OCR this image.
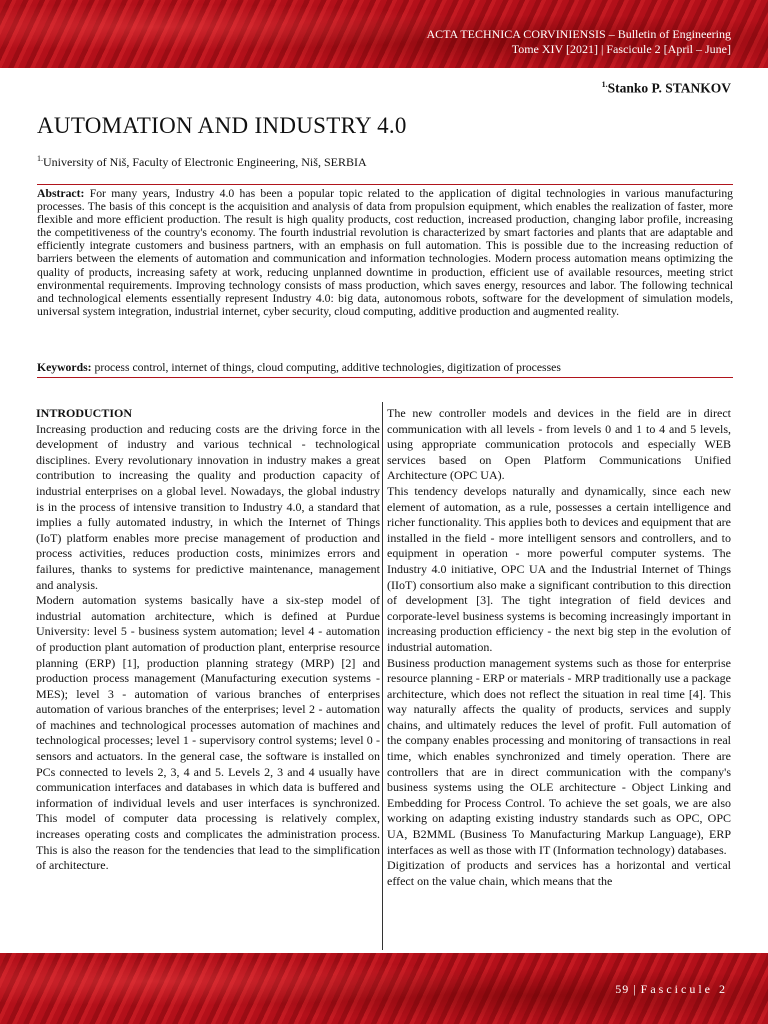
ACTA TECHNICA CORVINIENSIS – Bulletin of Engineering
Tome XIV [2021] | Fascicule 2 [April – June]
$^{1.}$Stanko P. STANKOV
AUTOMATION AND INDUSTRY 4.0
$^{1.}$University of Niš, Faculty of Electronic Engineering, Niš, SERBIA

Abstract: For many years, Industry 4.0 has been a popular topic related to the application of digital technologies in various manufacturing processes. The basis of this concept is the acquisition and analysis of data from propulsion equipment, which enables the realization of faster, more flexible and more efficient production. The result is high quality products, cost reduction, increased production, changing labor profile, increasing the competitiveness of the country's economy. The fourth industrial revolution is characterized by smart factories and plants that are adaptable and efficiently integrate customers and business partners, with an emphasis on full automation. This is possible due to the increasing reduction of barriers between the elements of automation and communication and information technologies. Modern process automation means optimizing the quality of products, increasing safety at work, reducing unplanned downtime in production, efficient use of available resources, meeting strict environmental requirements. Improving technology consists of mass production, which saves energy, resources and labor. The following technical and technological elements essentially represent Industry 4.0: big data, autonomous robots, software for the development of simulation models, universal system integration, industrial internet, cyber security, cloud computing, additive production and augmented reality.

Keywords: process control, internet of things, cloud computing, additive technologies, digitization of processes
INTRODUCTION

Increasing production and reducing costs are the driving force in the development of industry and various technical - technological disciplines. Every revolutionary innovation in industry makes a great contribution to increasing the quality and production capacity of industrial enterprises on a global level. Nowadays, the global industry is in the process of intensive transition to Industry 4.0, a standard that implies a fully automated industry, in which the Internet of Things (IoT) platform enables more precise management of production and process activities, reduces production costs, minimizes errors and failures, thanks to systems for predictive maintenance, management and analysis.

Modern automation systems basically have a six-step model of industrial automation architecture, which is defined at Purdue University: level 5 - business system automation; level 4 - automation of production plant automation of production plant, enterprise resource planning (ERP) [1], production planning strategy (MRP) [2] and production process management (Manufacturing execution systems - MES); level 3 - automation of various branches of enterprises automation of various branches of the enterprises; level 2 - automation of machines and technological processes automation of machines and technological processes; level 1 - supervisory control systems; level 0 - sensors and actuators. In the general case, the software is installed on PCs connected to levels 2, 3, 4 and 5. Levels 2, 3 and 4 usually have communication interfaces and databases in which data is buffered and information of individual levels and user interfaces is synchronized. This model of computer data processing is relatively complex, increases operating costs and complicates the administration process. This is also the reason for the tendencies that lead to the simplification of architecture.

The new controller models and devices in the field are in direct communication with all levels - from levels 0 and 1 to 4 and 5 levels, using appropriate communication protocols and especially WEB services based on Open Platform Communications Unified Architecture (OPC UA).

This tendency develops naturally and dynamically, since each new element of automation, as a rule, possesses a certain intelligence and richer functionality. This applies both to devices and equipment that are installed in the field - more intelligent sensors and controllers, and to equipment in operation - more powerful computer systems. The Industry 4.0 initiative, OPC UA and the Industrial Internet of Things (IIoT) consortium also make a significant contribution to this direction of development [3]. The tight integration of field devices and corporate-level business systems is becoming increasingly important in increasing production efficiency - the next big step in the evolution of industrial automation.

Business production management systems such as those for enterprise resource planning - ERP or materials - MRP traditionally use a package architecture, which does not reflect the situation in real time [4]. This way naturally affects the quality of products, services and supply chains, and ultimately reduces the level of profit. Full automation of the company enables processing and monitoring of transactions in real time, which enables synchronized and timely operation. There are controllers that are in direct communication with the company's business systems using the OLE architecture - Object Linking and Embedding for Process Control. To achieve the set goals, we are also working on adapting existing industry standards such as OPC, OPC UA, B2MML (Business To Manufacturing Markup Language), ERP interfaces as well as those with IT (Information technology) databases.

Digitization of products and services has a horizontal and vertical effect on the value chain, which means that the

59 | Fascicule 2
